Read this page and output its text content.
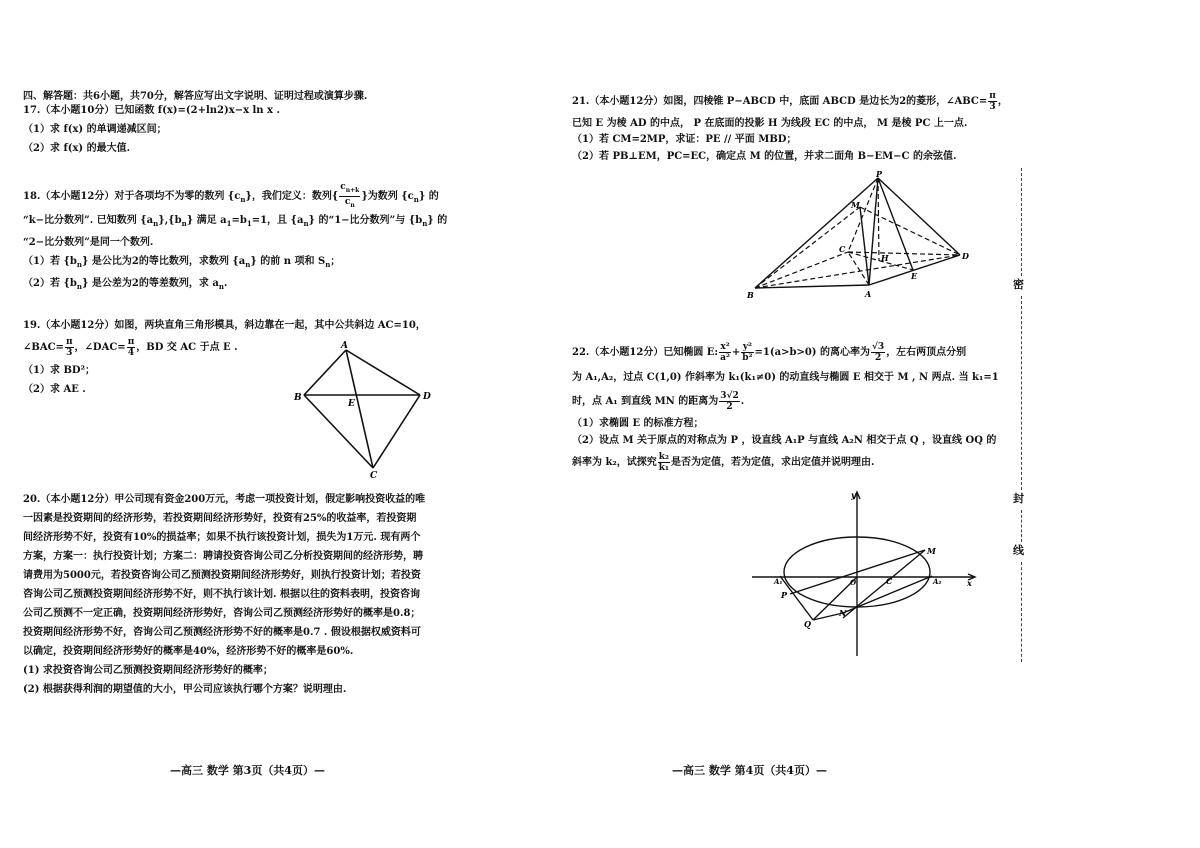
四、解答题：共6小题，共70分，解答应写出文字说明、证明过程或演算步骤.
17.（本小题10分）已知函数 f(x)=(2+ln2)x−x ln x .
（1）求 f(x) 的单调递减区间；
（2）求 f(x) 的最大值.
18.（本小题12分）对于各项均不为零的数列 $\{c_n\}$，我们定义：数列{ $\frac{c_{n+k}}{c_n}$ }为数列 $\{c_n\}$ 的
“k−比分数列”. 已知数列 $\{a_n\},\{b_n\}$ 满足 $a_1=b_1=1$，且 $\{a_n\}$ 的“1−比分数列”与 $\{b_n\}$ 的
“2−比分数列”是同一个数列.
（1）若 $\{b_n\}$ 是公比为2的等比数列，求数列 $\{a_n\}$ 的前 n 项和 $S_n$；
（2）若 $\{b_n\}$ 是公差为2的等差数列，求 $a_n$.
19.（本小题12分）如图，两块直角三角形模具，斜边靠在一起，其中公共斜边 AC=10，
∠BAC= $\frac{\pi}{3}$ ，∠DAC= $\frac{\pi}{4}$ ，BD 交 AC 于点 E .
（1）求 BD²；
（2）求 AE .
A
B
C
D
E
20.（本小题12分）甲公司现有资金200万元，考虑一项投资计划，假定影响投资收益的唯
一因素是投资期间的经济形势，若投资期间经济形势好，投资有25%的收益率，若投资期
间经济形势不好，投资有10%的损益率；如果不执行该投资计划，损失为1万元. 现有两个
方案，方案一：执行投资计划；方案二：聘请投资咨询公司乙分析投资期间的经济形势，聘
请费用为5000元，若投资咨询公司乙预测投资期间经济形势好，则执行投资计划；若投资
咨询公司乙预测投资期间经济形势不好，则不执行该计划. 根据以往的资料表明，投资咨询
公司乙预测不一定正确，投资期间经济形势好，咨询公司乙预测经济形势好的概率是0.8；
投资期间经济形势不好，咨询公司乙预测经济形势不好的概率是0.7 . 假设根据权威资料可
以确定，投资期间经济形势好的概率是40%，经济形势不好的概率是60%.
(1) 求投资咨询公司乙预测投资期间经济形势好的概率；
(2) 根据获得利润的期望值的大小，甲公司应该执行哪个方案？说明理由.
—高三 数学 第3页（共4页）—
21.（本小题12分）如图，四棱锥 P−ABCD 中，底面 ABCD 是边长为2的菱形，∠ABC= $\frac{\pi}{3}$ ，
已知 E 为棱 AD 的中点， P 在底面的投影 H 为线段 EC 的中点， M 是棱 PC 上一点.
（1）若 CM=2MP，求证：PE // 平面 MBD；
（2）若 PB⊥EM，PC=EC，确定点 M 的位置，并求二面角 B−EM−C 的余弦值.
P
M
C
H	D
E
B	A
22.（本小题12分）已知椭圆 E: $\frac{\text{x²}}{\text{a²}} + \frac{\text{y²}}{\text{b²}} =1(a>b>0)$ 的离心率为 $\frac{√3}{2}$ ，左右两顶点分别
为 A₁,A₂，过点 C(1,0) 作斜率为 k₁(k₁≠0) 的动直线与椭圆 E 相交于 M , N 两点. 当 k₁=1
时，点 A₁ 到直线 MN 的距离为 $\frac{3√2}{2}$ .
（1）求椭圆 E 的标准方程；
（2）设点 M 关于原点的对称点为 P ，设直线 A₁P 与直线 A₂N 相交于点 Q ，设直线 OQ 的
斜率为 k₂，试探究 $\frac{\text{k₂}}{\text{k₁}}$ 是否为定值，若为定值，求出定值并说明理由.
y
x
M
A₁	O	C	A₂
P
N
Q
—高三 数学 第4页（共4页）—
密
封
线
